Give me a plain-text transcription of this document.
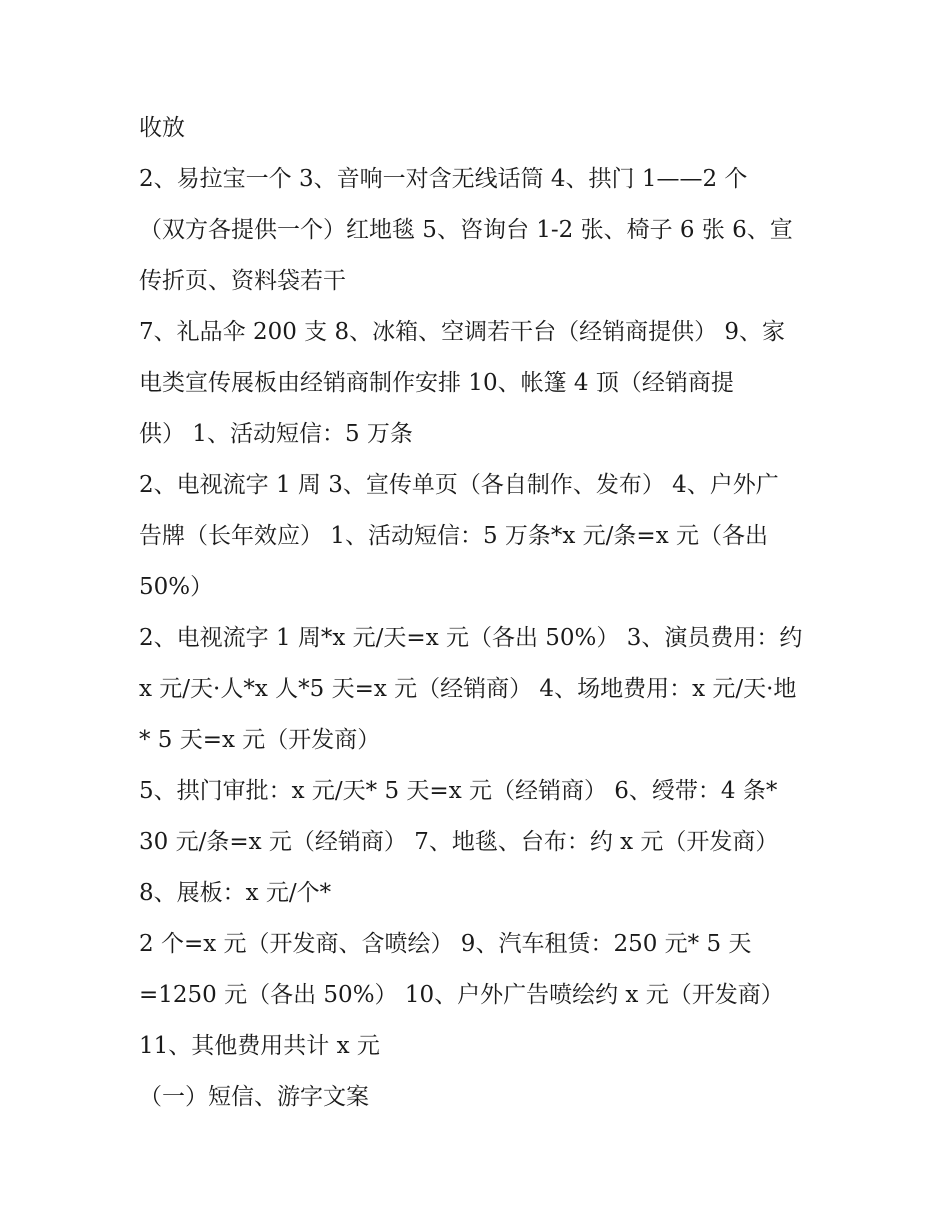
收放
2、易拉宝一个 3、音响一对含无线话筒 4、拱门 1——2 个
（双方各提供一个）红地毯 5、咨询台 1-2 张、椅子 6 张 6、宣
传折页、资料袋若干
7、礼品伞 200 支 8、冰箱、空调若干台（经销商提供） 9、家
电类宣传展板由经销商制作安排 10、帐篷 4 顶（经销商提
供） 1、活动短信：5 万条
2、电视流字 1 周 3、宣传单页（各自制作、发布） 4、户外广
告牌（长年效应） 1、活动短信：5 万条*x 元/条=x 元（各出
50%）
2、电视流字 1 周*x 元/天=x 元（各出 50%） 3、演员费用：约
x 元/天·人*x 人*5 天=x 元（经销商） 4、场地费用：x 元/天·地
* 5 天=x 元（开发商）
5、拱门审批：x 元/天* 5 天=x 元（经销商） 6、绶带：4 条*
30 元/条=x 元（经销商） 7、地毯、台布：约 x 元（开发商）
8、展板：x 元/个*
2 个=x 元（开发商、含喷绘） 9、汽车租赁：250 元* 5 天
=1250 元（各出 50%） 10、户外广告喷绘约 x 元（开发商）
11、其他费用共计 x 元
（一）短信、游字文案
